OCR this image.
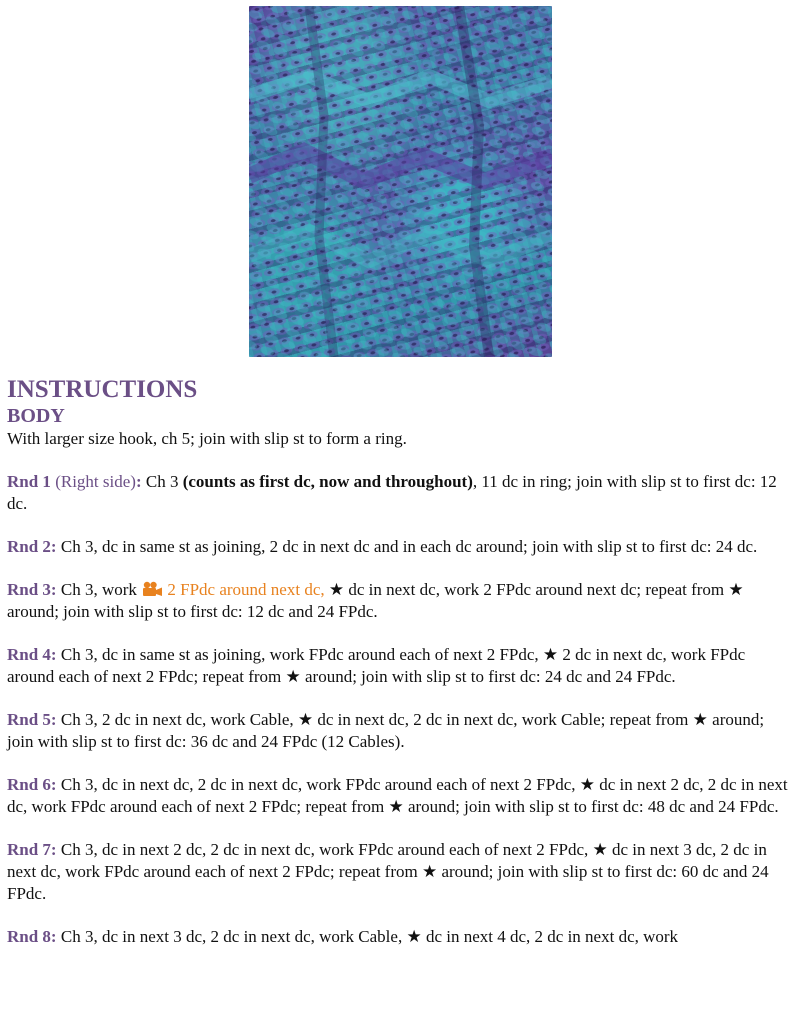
INSTRUCTIONS
BODY

With larger size hook, ch 5; join with slip st to form a ring.

Rnd 1 (Right side): Ch 3 (counts as first dc, now and throughout), 11 dc in ring; join with slip st to first dc: 12 dc.

Rnd 2: Ch 3, dc in same st as joining, 2 dc in next dc and in each dc around; join with slip st to first dc: 24 dc.

Rnd 3: Ch 3, work  2 FPdc around next dc, ★ dc in next dc, work 2 FPdc around next dc; repeat from ★ around; join with slip st to first dc: 12 dc and 24 FPdc.

Rnd 4: Ch 3, dc in same st as joining, work FPdc around each of next 2 FPdc, ★ 2 dc in next dc, work FPdc around each of next 2 FPdc; repeat from ★ around; join with slip st to first dc: 24 dc and 24 FPdc.

Rnd 5: Ch 3, 2 dc in next dc, work Cable, ★ dc in next dc, 2 dc in next dc, work Cable; repeat from ★ around; join with slip st to first dc: 36 dc and 24 FPdc (12 Cables).

Rnd 6: Ch 3, dc in next dc, 2 dc in next dc, work FPdc around each of next 2 FPdc, ★ dc in next 2 dc, 2 dc in next dc, work FPdc around each of next 2 FPdc; repeat from ★ around; join with slip st to first dc: 48 dc and 24 FPdc.

Rnd 7: Ch 3, dc in next 2 dc, 2 dc in next dc, work FPdc around each of next 2 FPdc, ★ dc in next 3 dc, 2 dc in next dc, work FPdc around each of next 2 FPdc; repeat from ★ around; join with slip st to first dc: 60 dc and 24 FPdc.

Rnd 8: Ch 3, dc in next 3 dc, 2 dc in next dc, work Cable, ★ dc in next 4 dc, 2 dc in next dc, work
